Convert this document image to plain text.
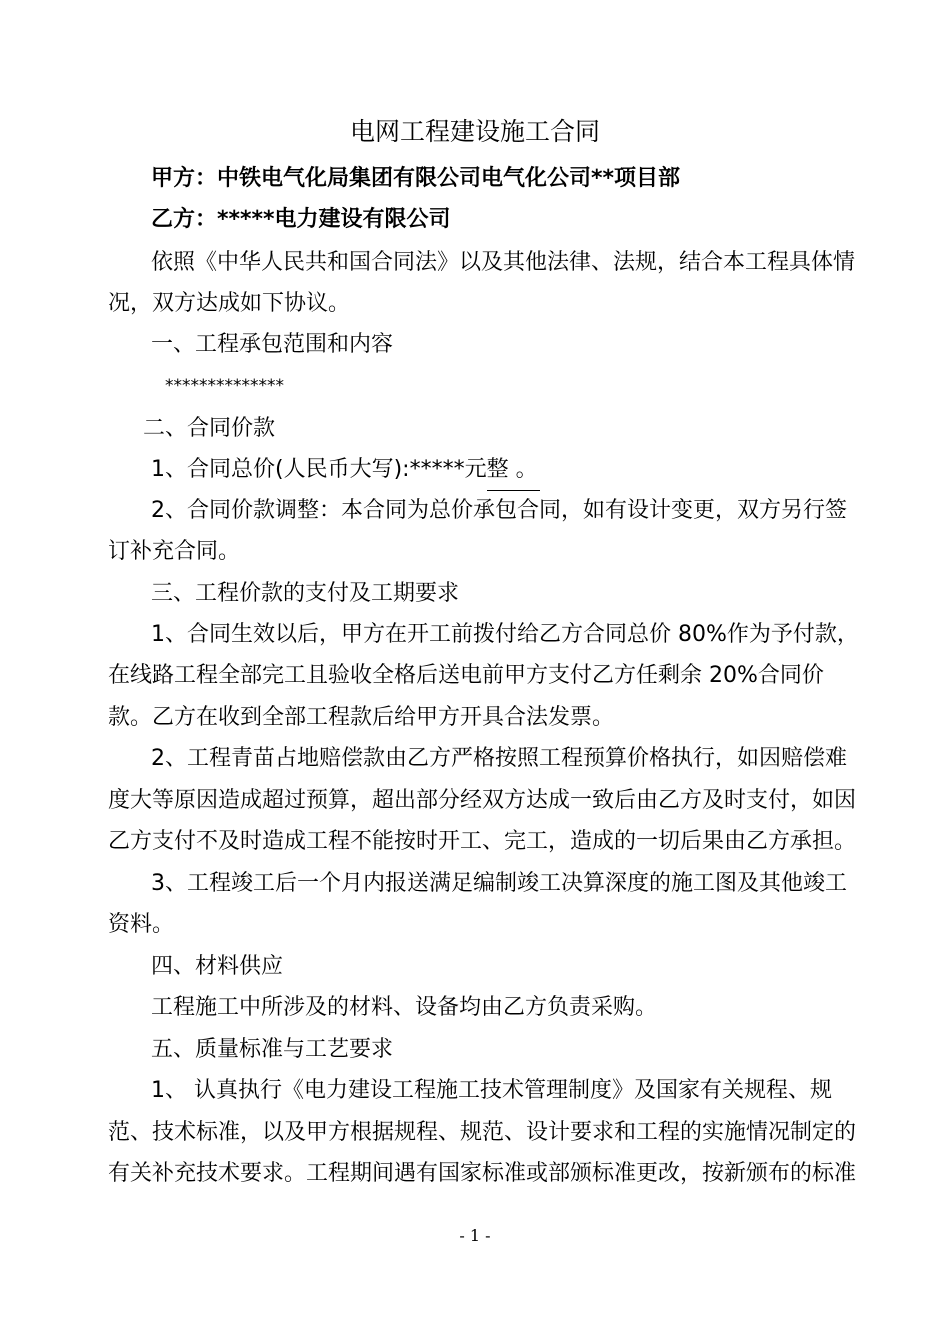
电网工程建设施工合同
甲方：中铁电气化局集团有限公司电气化公司**项目部
乙方：*****电力建设有限公司
依照《中华人民共和国合同法》以及其他法律、法规，结合本工程具体情
况，双方达成如下协议。
一、工程承包范围和内容
**************
二、合同价款
1、合同总价(人民币大写):*****元整 。
2、合同价款调整：本合同为总价承包合同，如有设计变更，双方另行签
订补充合同。
三、工程价款的支付及工期要求
1、合同生效以后，甲方在开工前拨付给乙方合同总价 80%作为予付款，
在线路工程全部完工且验收全格后送电前甲方支付乙方任剩余 20%合同价
款。乙方在收到全部工程款后给甲方开具合法发票。
2、工程青苗占地赔偿款由乙方严格按照工程预算价格执行，如因赔偿难
度大等原因造成超过预算，超出部分经双方达成一致后由乙方及时支付，如因
乙方支付不及时造成工程不能按时开工、完工，造成的一切后果由乙方承担。
3、工程竣工后一个月内报送满足编制竣工决算深度的施工图及其他竣工
资料。
四、材料供应
工程施工中所涉及的材料、设备均由乙方负责采购。
五、质量标准与工艺要求
1、 认真执行《电力建设工程施工技术管理制度》及国家有关规程、规
范、技术标准，以及甲方根据规程、规范、设计要求和工程的实施情况制定的
有关补充技术要求。工程期间遇有国家标准或部颁标准更改，按新颁布的标准
- 1 -
